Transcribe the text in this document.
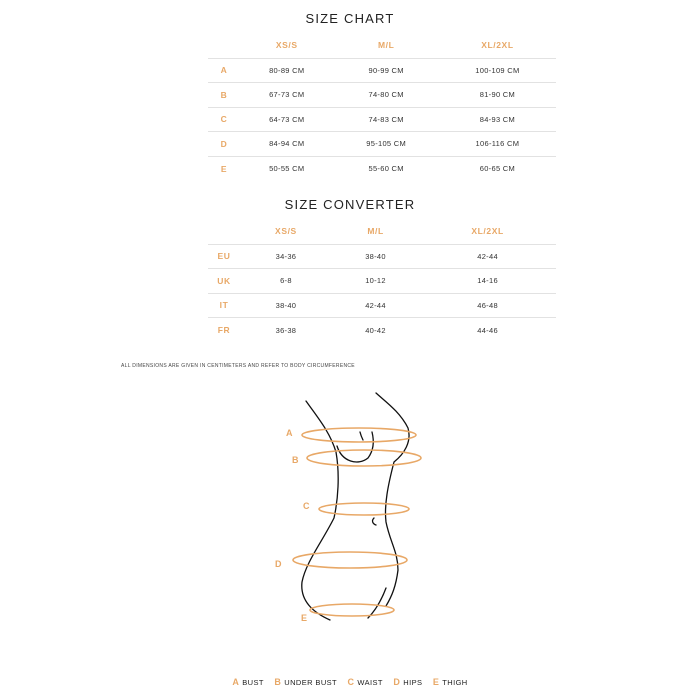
SIZE CHART
	XS/S	M/L	XL/2XL
A	80-89 CM	90-99 CM	100-109 CM
B	67-73 CM	74-80 CM	81-90 CM
C	64-73 CM	74-83 CM	84-93 CM
D	84-94 CM	95-105 CM	106-116 CM
E	50-55 CM	55-60 CM	60-65 CM
SIZE CONVERTER
	XS/S	M/L	XL/2XL
EU	34-36	38-40	42-44
UK	6-8	10-12	14-16
IT	38-40	42-44	46-48
FR	36-38	40-42	44-46
ALL DIMENSIONS ARE GIVEN IN CENTIMETERS AND REFER TO BODY CIRCUMFERENCE
A
B
C
D
E
A BUST B UNDER BUST C WAIST D HIPS E THIGH
